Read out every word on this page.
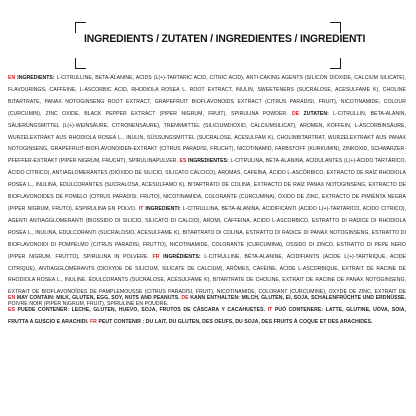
INGREDIENTS / ZUTATEN / INGREDIENTES / INGREDIENTI
EN INGREDIENTS: L-CITRULLINE, BETA-ALANINE, ACIDS (L(+)-TARTARIC ACID, CITRIC ACID), ANTI-CAKING AGENTS (SILICON DIOXIDE, CALCIUM SILICATE), FLAVOURINGS, CAFFEINE, L-ASCORBIC ACID, RHODIOLA ROSEA L. ROOT EXTRACT, INULIN, SWEETENERS (SUCRALOSE, ACESULFAME K), CHOLINE BITARTRATE, PANAX NOTOGINSENG ROOT EXTRACT, GRAPEFRUIT BIOFLAVONOIDS EXTRACT (CITRUS PARADISI, FRUIT), NICOTINAMIDE, COLOUR (CURCUMIN), ZINC OXIDE, BLACK PEPPER EXTRACT (PIPER NIGRUM, FRUIT), SPIRULINA POWDER. DE ZUTATEN: L-CITRULLIN, BETA-ALANIN, SÄUERUNGSMITTEL (L(+)-WEINSÄURE, CITRONENSÄURE), TRENNMITTEL (SILICIUMDIOXID, CALCIUMSILICAT), AROMEN, KOFFEIN, L-ASCORBINSÄURE, WURZELEXTRAKT AUS RHODIOLA ROSEA L., INULIN, SÜSSUNGSMITTEL (SUCRALOSE, ACESULFAM K), CHOLINBITARTRAT, WURZELEXTRAKT AUS PANAX NOTOGINSENG, GRAPEFRUIT-BIOFLAVONOIDEN-EXTRAKT (CITRUS PARADISI, FRUCHT), NICOTINAMID, FARBSTOFF (KURKUMIN), ZINKOXID, SCHWARZER-PFEFFER-EXTRAKT (PIPER NIGRUM, FRUCHT), SPIRULINAPULVER. ES INGREDIENTES: L-CITRULINA, BETA-ALANINA, ACIDULANTES (L(+)-ÁCIDO TARTÁRICO, ÁCIDO CÍTRICO), ANTIAGLOMERANTES (DIÓXIDO DE SILICIO, SILICATO CÁLCICO), AROMAS, CAFEÍNA, ÁCIDO L-ASCÓRBICO, EXTRACTO DE RAÍZ RHODIOLA ROSEA L., INULINA, EDULCORANTES (SUCRALOSA, ACESULFAMO K), BITARTRATO DE COLINA, EXTRACTO DE RAÍZ PANAX NOTOGINSENG, EXTRACTO DE BIOFLAVONOIDES DE POMELO (CITRUS PARADISI, FRUTO), NICOTINAMIDA, COLORANTE (CURCUMINA), ÓXIDO DE ZINC, EXTRACTO DE PIMIENTA NEGRA (PIPER NIGRUM, FRUTO), ESPIRULINA EN POLVO. IT INGREDIENTI: L-CITRULLINA, BETA-ALANINA, ACIDIFICANTI (ACIDO L(+)-TARTARICO, ACIDO CITRICO), AGENTI ANTIAGGLOMERANTI (BIOSSIDO DI SILICIO, SILICATO DI CALCIO), AROMI, CAFFEINA, ACIDO L-ASCORBICO, ESTRATTO DI RADICE DI RHODIOLA ROSEA L., INULINA, EDULCORANTI (SUCRALOSIO, ACESULFAME K), BITARTRATO DI COLINA, ESTRATTO DI RADICE DI PANAX NOTOGINSENG, ESTRATTO DI BIOFLAVONOIDI DI POMPELMO (CITRUS PARADISI, FRUTTO), NICOTINAMIDE, COLORANTE (CURCUMINA), OSSIDO DI ZINCO, ESTRATTO DI PEPE NERO (PIPER NIGRUM, FRUTTO), SPIRULINA IN POLVERE. FR INGRÉDIENTS: L-CITRULLINE, BÊTA-ALANINE, ACIDIFIANTS (ACIDE L(+)-TARTRIQUE, ACIDE CITRIQUE), ANTIAGGLOMÉRANTS (DIOXYDE DE SILICIUM, SILICATE DE CALCIUM), ARÔMES, CAFÉINE, ACIDE L-ASCORBIQUE, EXTRAIT DE RACINE DE RHODIOLA ROSEA L., INULINE, ÉDULCORANTS (SUCRALOSE, ACÉSULFAME K), BITARTRATE DE CHOLINE, EXTRAIT DE RACINE DE PANAX NOTOGINSENG, EXTRAIT DE BIOFLAVONOÏDES DE PAMPLEMOUSSE (CITRUS PARADISI, FRUIT), NICOTINAMIDE, COLORANT (CURCUMINE), OXYDE DE ZINC, EXTRAIT DE POIVRE NOIR (PIPER NIGRUM, FRUIT), SPIRULINE EN POUDRE.
EN MAY CONTAIN: MILK, GLUTEN, EGG, SOY, NUTS AND PEANUTS. DE KANN ENTHALTEN: MILCH, GLUTEN, EI, SOJA, SCHALENFRÜCHTE UND ERDNÜSSE. ES PUEDE CONTENER: LECHE, GLUTEN, HUEVO, SOJA, FRUTOS DE CÁSCARA Y CACAHUETES. IT PUÒ CONTENERE: LATTE, GLUTINE, UOVA, SOIA, FRUTTA A GUSCIO E ARACHIDI. FR PEUT CONTENIR : DU LAIT, DU GLUTEN, DES OEUFS, DU SOJA, DES FRUITS À COQUE ET DES ARACHIDES.
